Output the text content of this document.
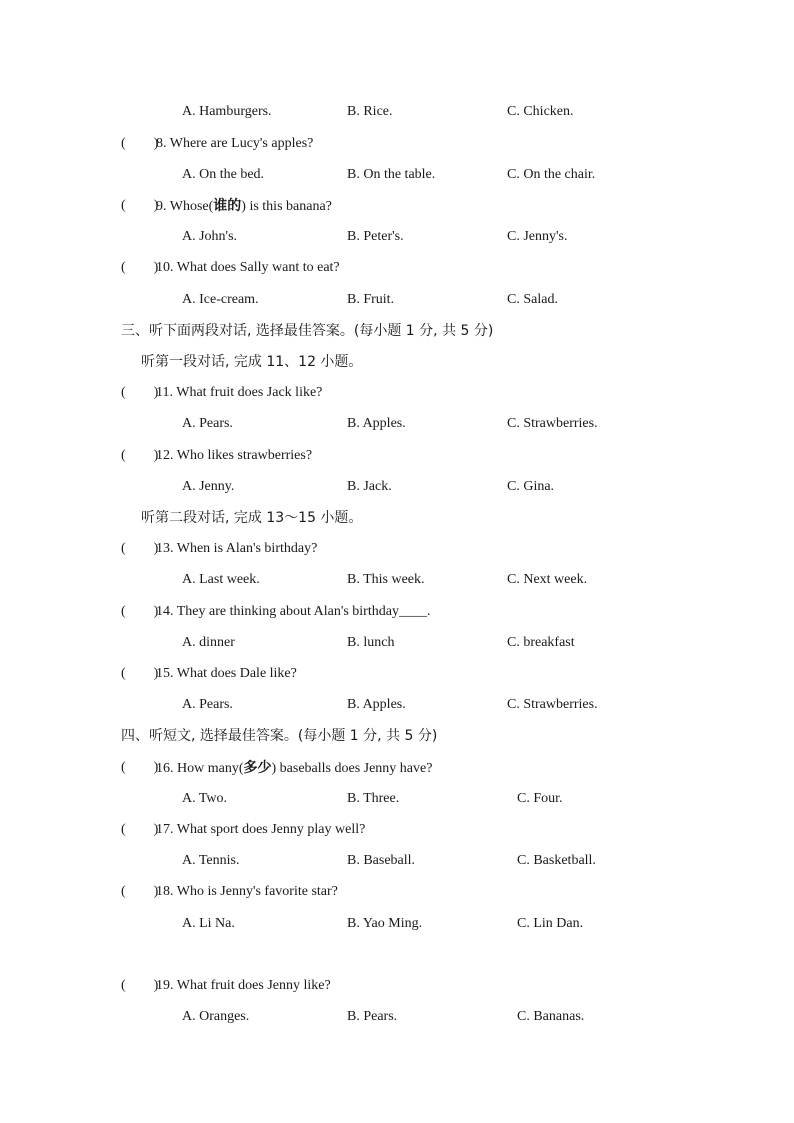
A. Hamburgers.	B. Rice.	C. Chicken.
(　　)
8. Where are Lucy's apples?
A. On the bed.	B. On the table.	C. On the chair.
(　　)
9. Whose(谁的) is this banana?
A. John's.	B. Peter's.	C. Jenny's.
(　　)
10. What does Sally want to eat?
A. Ice-cream.	B. Fruit.	C. Salad.
三、听下面两段对话, 选择最佳答案。(每小题 1 分, 共 5 分)
听第一段对话, 完成 11、12 小题。
(　　)
11. What fruit does Jack like?
A. Pears.	B. Apples.	C. Strawberries.
(　　)
12. Who likes strawberries?
A. Jenny.	B. Jack.	C. Gina.
听第二段对话, 完成 13～15 小题。
(　　)
13. When is Alan's birthday?
A. Last week.	B. This week.	C. Next week.
(　　)
14. They are thinking about Alan's birthday____.
A. dinner	B. lunch	C. breakfast
(　　)
15. What does Dale like?
A. Pears.	B. Apples.	C. Strawberries.
四、听短文, 选择最佳答案。(每小题 1 分, 共 5 分)
(　　)
16. How many(多少) baseballs does Jenny have?
A. Two.	B. Three.	C. Four.
(　　)
17. What sport does Jenny play well?
A. Tennis.	B. Baseball.	C. Basketball.
(　　)
18. Who is Jenny's favorite star?
A. Li Na.	B. Yao Ming.	C. Lin Dan.
(　　)
19. What fruit does Jenny like?
A. Oranges.	B. Pears.	C. Bananas.
